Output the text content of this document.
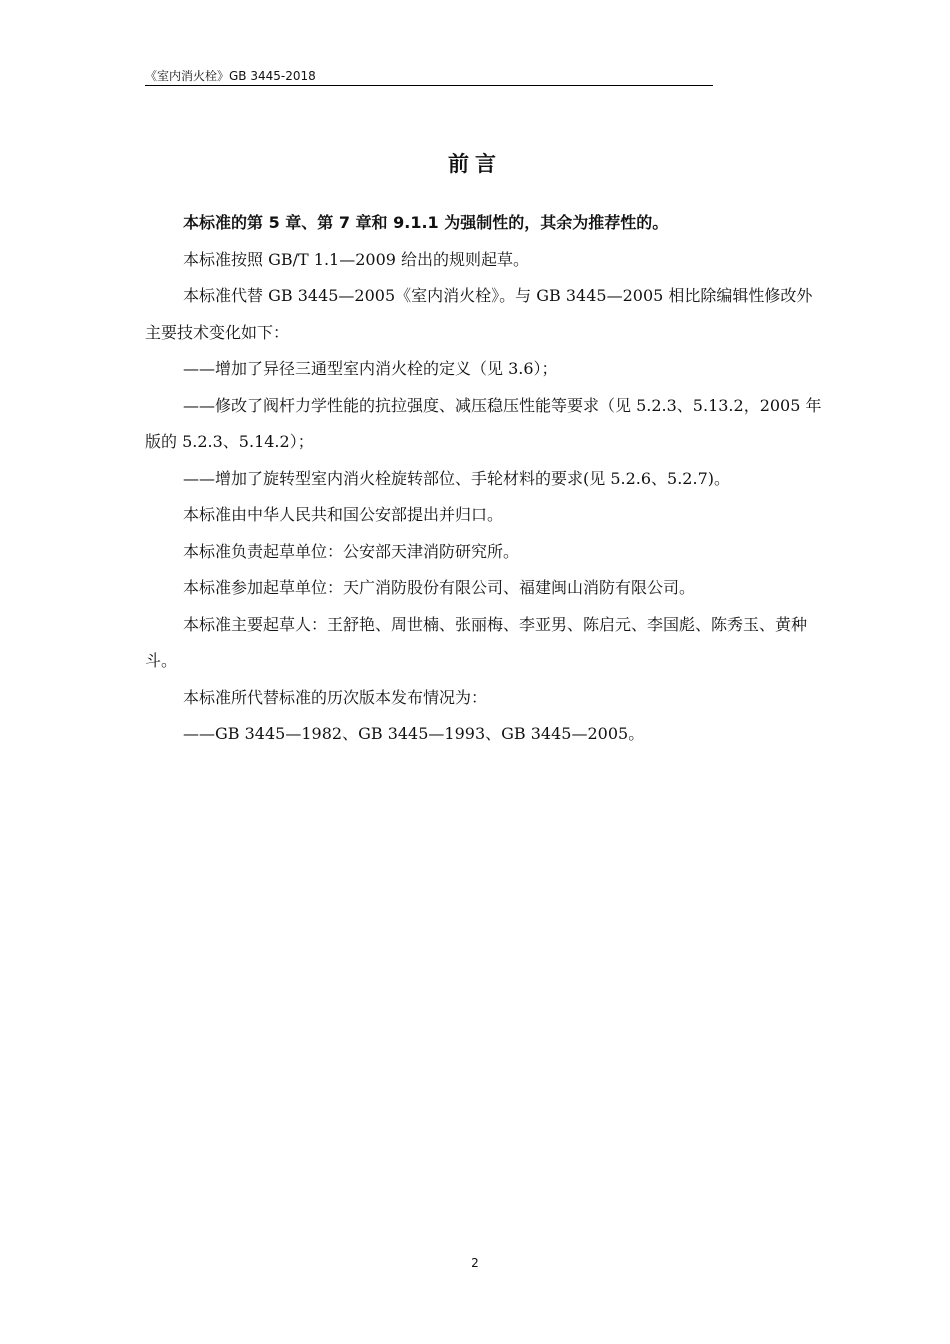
《室内消火栓》GB 3445-2018
前言

本标准的第 5 章、第 7 章和 9.1.1 为强制性的，其余为推荐性的。

本标准按照 GB/T 1.1—2009 给出的规则起草。

本标准代替 GB 3445—2005《室内消火栓》。与 GB 3445—2005 相比除编辑性修改外主要技术变化如下：

——增加了异径三通型室内消火栓的定义（见 3.6）；

——修改了阀杆力学性能的抗拉强度、减压稳压性能等要求（见 5.2.3、5.13.2，2005 年版的 5.2.3、5.14.2）；

——增加了旋转型室内消火栓旋转部位、手轮材料的要求(见 5.2.6、5.2.7)。

本标准由中华人民共和国公安部提出并归口。

本标准负责起草单位：公安部天津消防研究所。

本标准参加起草单位：天广消防股份有限公司、福建闽山消防有限公司。

本标准主要起草人：王舒艳、周世楠、张丽梅、李亚男、陈启元、李国彪、陈秀玉、黄种斗。

本标准所代替标准的历次版本发布情况为：

——GB 3445—1982、GB 3445—1993、GB 3445—2005。

2
